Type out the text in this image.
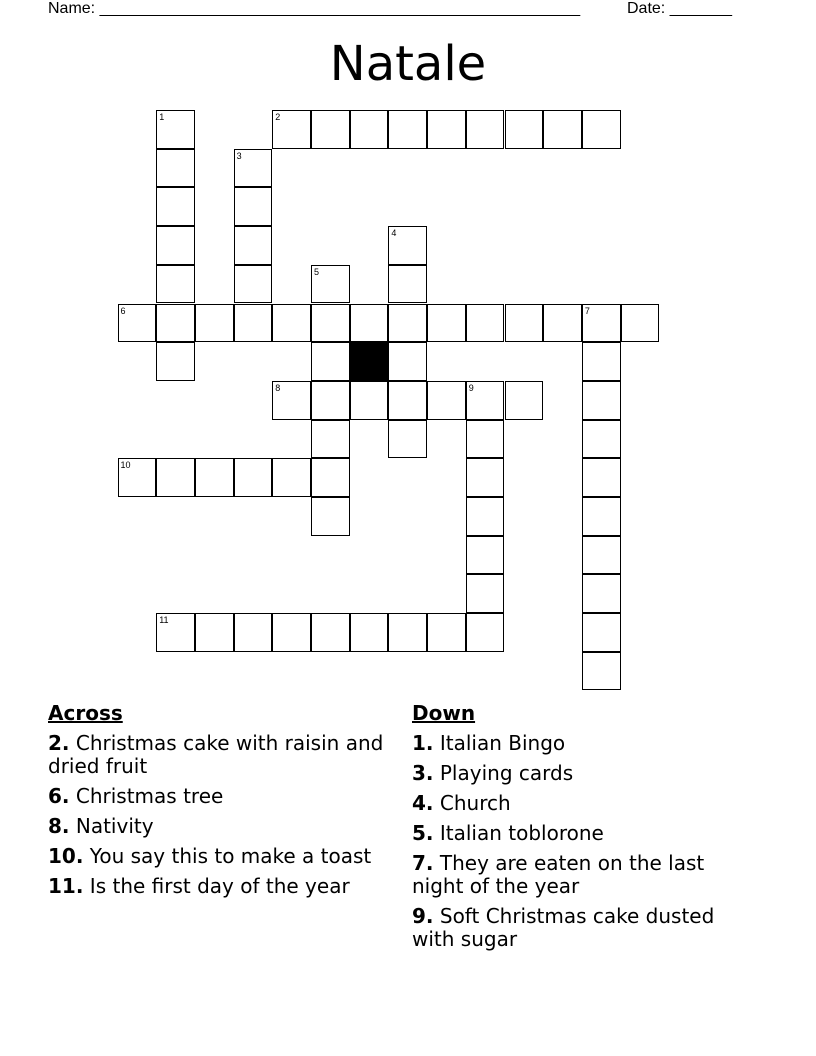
Name: ______________________________________________________	Date: _______
Natale
1	2
3
4
5
6	7
8	9
10
11
Across
2. Christmas cake with raisin and dried fruit
6. Christmas tree
8. Nativity
10. You say this to make a toast
11. Is the first day of the year
Down
1. Italian Bingo
3. Playing cards
4. Church
5. Italian toblorone
7. They are eaten on the last night of the year
9. Soft Christmas cake dusted with sugar
